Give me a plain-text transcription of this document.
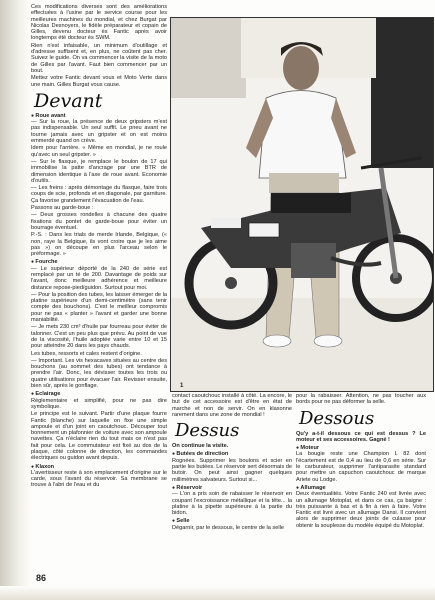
Ces modifications diverses sont des améliorations effectuées à l'usine par le service course pour les meilleures machines du mondial, et chez Burgat par Nicolas Desnoyers, le fidèle préparateur et copain de Gilles, devenu docteur ès Fantic après avoir longtemps été docteur ès SWM.

Rien n'est infaisable, un minimum d'outillage et d'adresse suffisent et, en plus, ne coûtent pas cher. Suivez le guide. On va commencer la visite de la moto de Gilles par l'avant. Faut bien commencer par un bout.

Mettez votre Fantic devant vous et Moto Verte dans une main. Gilles Burgat vous cause.

Devant
● Roue avant

— Sur la roue, la présence de deux gripsters m'est pas indispensable. Un seul suffit. Le pneu avant ne tourne jamais avec un gripster et on est moins emmerdé quand on crève.

Idem pour l'arrière. « Même en mondial, je ne roule qu'avec un seul gripster. »

— Sur le flasque, je remplace le boulon de 17 qui immobilise la patte d'ancrage par une BTR de dimension identique à l'axe de roue avant. Economie d'outils.

— Les freins : après démontage du flasque, faire trois coups de scie, profonds et en diagonale, par garniture. Ça favorise grandement l'évacuation de l'eau.

Passons au garde-boue :

— Deux grosses rondelles à chacune des quatre fixations du pontet de garde-boue pour éviter un bourrage éventuel.

P.-S. : Dans les trials de merde Irlande, Belgique, (« non, raye la Belgique, ils vont croire que je les aime pas ») on découpe en plus l'arceau selon le préformage. »

● Fourche

— Le supérieur déporté de la 240 de série est remplacé par un té de 200. Davantage de poids sur l'avant, donc meilleure adhérence et meilleure distance repose-pied/guidon. Surtout pour moi.

— Pour la position des tubes, les laisser émerger de la platine supérieure d'un demi-centimètre (sans tenir compte des bouchons). C'est le meilleur compromis pour ne pas « planter » l'avant et garder une bonne maniabilité.

— Je mets 230 cm³ d'huile par fourreau pour éviter de talonner. C'est un peu plus que prévu. Au point de vue de la viscosité, l'huile adoptée varie entre 10 et 15 pour atteindre 20 dans les pays chauds.

Les tubes, ressorts et cales restent d'origine.

— Important. Les vis hexacaves situées au centre des bouchons (au sommet des tubes) ont tendance à prendre l'air. Donc, les dévisser toutes les trois ou quatre utilisations pour évacuer l'air. Revisser ensuite, bien sûr, après le gonflage.

● Eclairage

Réglementaire et simplifié, pour ne pas dire symbolique.

Le principe est le suivant. Partir d'une plaque fourre Fantic (blanche) sur laquelle on fixe une simple ampoule et d'un joint en caoutchouc. Découper tout bonnement un plafonnier de voiture avec son ampoule navettes. Ça n'éclaire rien du tout mais ce n'est pas fait pour cela. Le commutateur est fixé au dos de la plaque, côté colonne de direction, les commandes électriques ou guidon avant depuis.

● Klaxon

L'avertisseur reste à son emplacement d'origine sur le carde, sous l'avant du réservoir. Sa membrane se trouve à l'abri de l'eau et du

1

contact caoutchouc installé à côté. La encore, le but de cet accessoire est d'être en état de marche et non de servir. On en klaxonne rarement dans une zone de mondial !

Dessus
On continue la visite.
● Butées de direction

Rognées. Supprimer les boulons et scier en partie les butées. Le réservoir sert désormais de butoir. On peut ainsi gagner quelques millimètres salvateurs. Surtout si...

● Réservoir

— L'on a pris soin de rabaisser le réservoir en coupant l'excroissance métallique et la tête... la platine à la pipette supérieure à la partie du bidon.

● Selle

Dégarnir, par le dessous, le centre de la selle

pour la rabaisser. Attention, ne pas toucher aux bords pour ne pas déformer la selle.

Dessous
Qu'y a-t-il dessous ce qui est dessus ? Le moteur et ses accessoires. Gagné !
● Moteur

La bougie reste une Champion L 82 dont l'écartement est de 0,4 au lieu de 0,6 en série. Sur le carburateur, supprimer l'antiparasite standard pour mettre un capuchon caoutchouc de marque Ariete ou Lodge.

● Allumage

Deux éventualités. Votre Fantic 240 est livrée avec un allumage Motoplat, et dans ce cas, ça baigne : très puissante à bas et à fin à rien à faire. Votre Fantic est livré avec un allumage Dansi. Il convient alors de supprimer deux joints de culasse pour obtenir la souplesse du modèle équipé du Motoplat.

86
